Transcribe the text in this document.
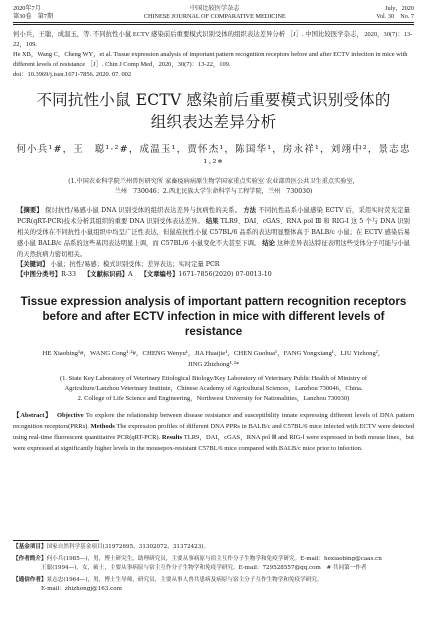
2020年7月
第30卷　第7期
中国比较医学杂志
CHINESE JOURNAL OF COMPARATIVE MEDICINE
July，2020
Vol. 30　No. 7

何小兵，王聪，成温玉，等. 不同抗性小鼠 ECTV 感染前后重要模式识别受体的组织表达差异分析 ［J］. 中国比较医学杂志， 2020，30(7)：13-22，109.

He XB，Wang C，Cheng WY，et al. Tissue expression analysis of important pattern recognition receptors before and after ECTV infection in mice with different levels of resistance ［J］. Chin J Comp Med，2020，30(7)：13-22，109.

doi：10.3969/j.issn.1671-7856. 2020. 07. 002

不同抗性小鼠 ECTV 感染前后重要模式识别受体的
组织表达差异分析
何小兵¹#，王　聪¹·²#，成温玉¹，贾怀杰¹，陈国华¹，房永祥¹，刘翊中²，景志忠¹·²*
(1.中国农业科学院兰州兽医研究所 家畜疫病病原生物学国家重点实验室 农业部兽医公共卫生重点实验室，
兰州　730046；2.西北民族大学生命科学与工程学院，兰州　730030)
【摘要】 探讨抗性/易感小鼠 DNA 识别受体的组织表达差异与抗病性的关系。 方法 不同抗性品系小鼠感染 ECTV 后，采用实时荧光定量 PCR(qRT-PCR)技术分析其组织的重要 DNA 识别受体表达差异。 结果 TLR9、DAI、cGAS、RNA pol Ⅲ 和 RIG-I 这 5 个与 DNA 识别相关的受体在不同抗性小鼠组织中均呈广泛性表达，但鼠痘抗性小鼠 C57BL/6 品系的表达明显整体高于 BALB/c 小鼠；在 ECTV 感染后易感小鼠 BALB/c 品系的这些基因表达明显上调，而 C57BL/6 小鼠变化不大甚至下调。 结论 这种差异表达特征表明这些受体分子可能与小鼠的天然抗病力密切相关。
【关键词】 小鼠；抗性/易感；模式识别受体；差异表达；实时定量 PCR
【中图分类号】R-33 【文献标识码】A 【文章编号】1671-7856(2020) 07-0013-10
Tissue expression analysis of important pattern recognition receptors
before and after ECTV infection in mice with different levels of resistance
HE Xiaobing¹#，WANG Cong¹·²#，CHENG Wenyu¹，JIA Huaijie¹，CHEN Guohua¹，FANG Yongxiang¹，LIU Yizhong²，
JING Zhizhong¹·²*
(1. State Key Laboratory of Veterinary Etiological Biology/Key Laboratory of Veterinary Public Health of Ministry of
Agriculture/Lanzhou Veterinary Institute，Chinese Academy of Agricultural Sciences，Lanzhou 730046，China.
2. College of Life Science and Engineering，Northwest University for Nationalities，Lanzhou 730030)
【Abstract】 Objective To explore the relationship between disease resistance and susceptibility innate expressing different levels of DNA pattern recognition receptors(PRRs). Methods The expression profiles of different DNA PPRs in BALB/c and C57BL/6 mice infected with ECTV were detected using real-time fluorescent quantitative PCR(qRT-PCR). Results TLR9，DAI，cGAS，RNA pol Ⅲ and RIG-Ⅰ were expressed in both mouse lines，but were expressed at significantly higher levels in the mousepox-resistant C57BL/6 mice compared with BALB/c mice prior to infection.

【基金项目】国家自然科学基金项目(31972695，31302072，31372423)。

【作者简介】何小兵(1985—)，男，博士研究生，助理研究员，主要从事病原与宿主互作分子生物学和免疫学研究。E-mail：hexiaobing@caas.cn

王聪(1994—)，女，硕士，主要从事病原与宿主互作分子生物学和免疫学研究。E-mail：729528557@qq.com　# 共同第一作者

【通信作者】景志忠(1964—)，男，博士生导师，研究员，主要从事人兽共患病及病原与宿主分子互作生物学和免疫学研究。

E-mail：zhizhongj@163.com
